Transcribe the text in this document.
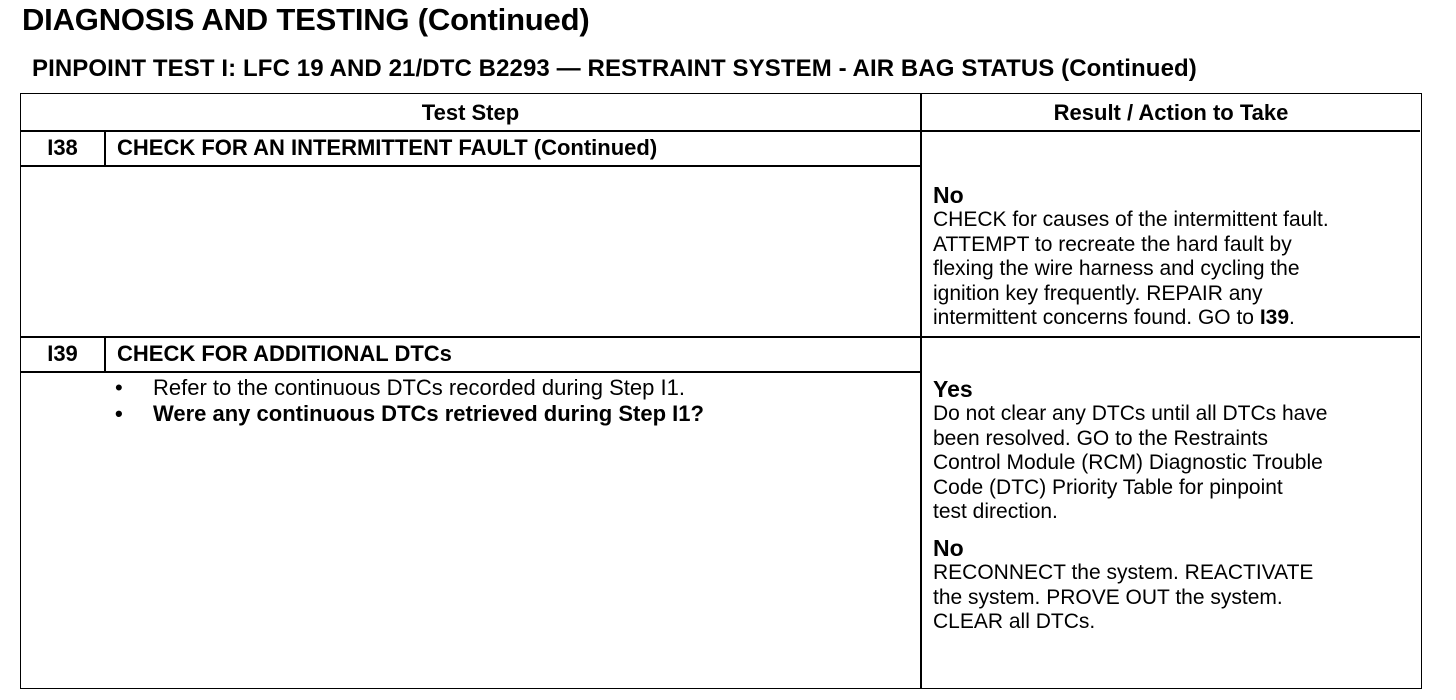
DIAGNOSIS AND TESTING (Continued)
PINPOINT TEST I: LFC 19 AND 21/DTC B2293 — RESTRAINT SYSTEM - AIR BAG STATUS (Continued)
Test Step	Result / Action to Take
I38	CHECK FOR AN INTERMITTENT FAULT (Continued)
No
CHECK for causes of the intermittent fault.
ATTEMPT to recreate the hard fault by
flexing the wire harness and cycling the
ignition key frequently. REPAIR any
intermittent concerns found. GO to I39.
I39	CHECK FOR ADDITIONAL DTCs
• Refer to the continuous DTCs recorded during Step I1.
• Were any continuous DTCs retrieved during Step I1?
Yes
Do not clear any DTCs until all DTCs have
been resolved. GO to the Restraints
Control Module (RCM) Diagnostic Trouble
Code (DTC) Priority Table for pinpoint
test direction.
No
RECONNECT the system. REACTIVATE
the system. PROVE OUT the system.
CLEAR all DTCs.
